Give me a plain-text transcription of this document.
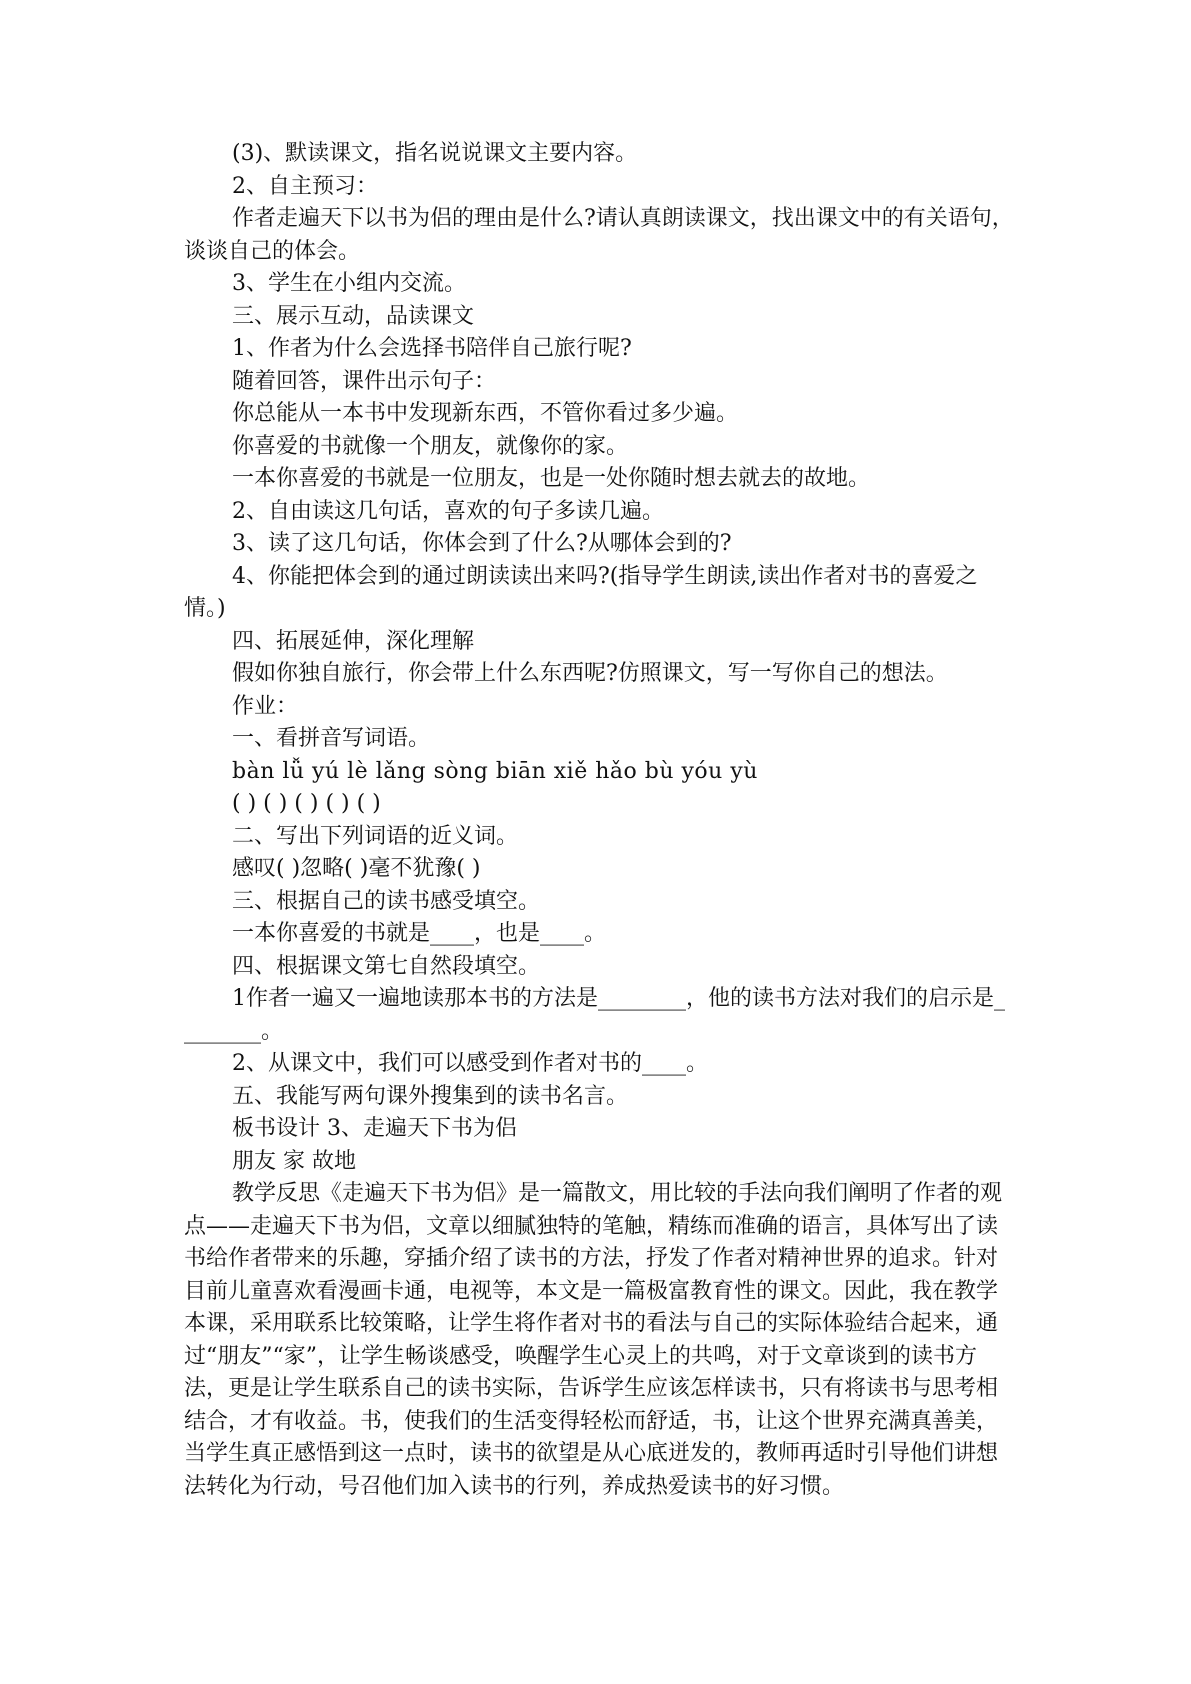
(3)、默读课文，指名说说课文主要内容。

2、自主预习：

作者走遍天下以书为侣的理由是什么?请认真朗读课文，找出课文中的有关语句，谈谈自己的体会。

3、学生在小组内交流。

三、展示互动，品读课文

1、作者为什么会选择书陪伴自己旅行呢?

随着回答，课件出示句子：

你总能从一本书中发现新东西，不管你看过多少遍。

你喜爱的书就像一个朋友，就像你的家。

一本你喜爱的书就是一位朋友，也是一处你随时想去就去的故地。

2、自由读这几句话，喜欢的句子多读几遍。

3、读了这几句话，你体会到了什么?从哪体会到的?

4、你能把体会到的通过朗读读出来吗?(指导学生朗读,读出作者对书的喜爱之情。)

四、拓展延伸，深化理解

假如你独自旅行，你会带上什么东西呢?仿照课文，写一写你自己的想法。

作业：

一、看拼音写词语。

bàn lǚ yú lè lǎng sòng biān xiě hǎo bù yóu yù

( ) ( ) ( ) ( ) ( )

二、写出下列词语的近义词。

感叹( )忽略( )毫不犹豫( )

三、根据自己的读书感受填空。

一本你喜爱的书就是____，也是____。

四、根据课文第七自然段填空。

1作者一遍又一遍地读那本书的方法是________，他的读书方法对我们的启示是________。

2、从课文中，我们可以感受到作者对书的____。

五、我能写两句课外搜集到的读书名言。

板书设计 3、走遍天下书为侣

朋友 家 故地

教学反思《走遍天下书为侣》是一篇散文，用比较的手法向我们阐明了作者的观点——走遍天下书为侣，文章以细腻独特的笔触，精练而准确的语言，具体写出了读书给作者带来的乐趣，穿插介绍了读书的方法，抒发了作者对精神世界的追求。针对目前儿童喜欢看漫画卡通，电视等，本文是一篇极富教育性的课文。因此，我在教学本课，采用联系比较策略，让学生将作者对书的看法与自己的实际体验结合起来，通过“朋友”“家”，让学生畅谈感受，唤醒学生心灵上的共鸣，对于文章谈到的读书方法，更是让学生联系自己的读书实际，告诉学生应该怎样读书，只有将读书与思考相结合，才有收益。书，使我们的生活变得轻松而舒适，书，让这个世界充满真善美，当学生真正感悟到这一点时，读书的欲望是从心底迸发的，教师再适时引导他们讲想法转化为行动，号召他们加入读书的行列，养成热爱读书的好习惯。
